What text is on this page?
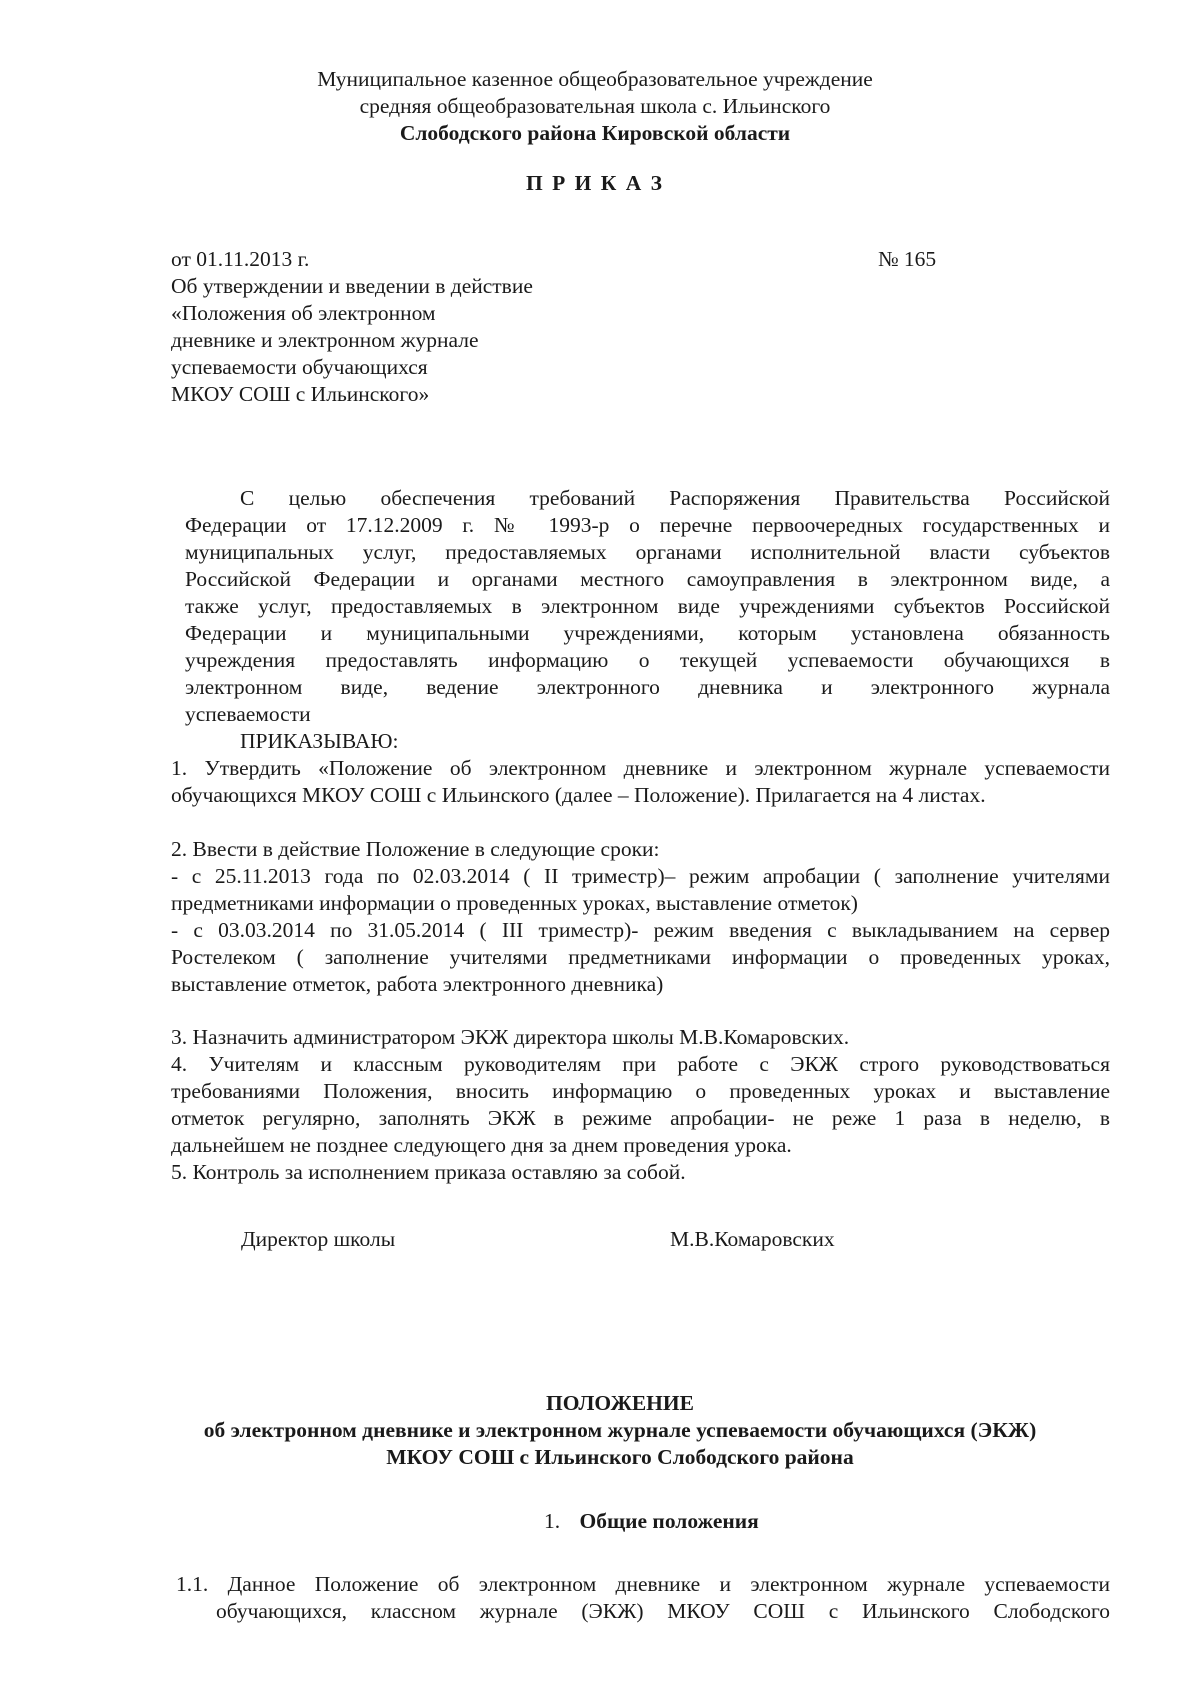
Муниципальное казенное общеобразовательное учреждение
средняя общеобразовательная школа с. Ильинского
Слободского района Кировской области
П Р И К А З
от 01.11.2013 г.	№ 165
Об утверждении и введении в действие
«Положения об электронном
дневнике и электронном журнале
успеваемости обучающихся
МКОУ СОШ с Ильинского»
С целью обеспечения требований Распоряжения Правительства Российской
Федерации от 17.12.2009 г. № 1993-р о перечне первоочередных государственных и
муниципальных услуг, предоставляемых органами исполнительной власти субъектов
Российской Федерации и органами местного самоуправления в электронном виде, а
также услуг, предоставляемых в электронном виде учреждениями субъектов Российской
Федерации и муниципальными учреждениями, которым установлена обязанность
учреждения предоставлять информацию о текущей успеваемости обучающихся в
электронном виде, ведение электронного дневника и электронного журнала
успеваемости
ПРИКАЗЫВАЮ:
1. Утвердить «Положение об электронном дневнике и электронном журнале успеваемости
обучающихся МКОУ СОШ с Ильинского (далее – Положение). Прилагается на 4 листах.
2. Ввести в действие Положение в следующие сроки:
- с 25.11.2013 года по 02.03.2014 ( II триместр)– режим апробации ( заполнение учителями
предметниками информации о проведенных уроках, выставление отметок)
- с 03.03.2014 по 31.05.2014 ( III триместр)- режим введения с выкладыванием на сервер
Ростелеком ( заполнение учителями предметниками информации о проведенных уроках,
выставление отметок, работа электронного дневника)
3. Назначить администратором ЭКЖ директора школы М.В.Комаровских.
4. Учителям и классным руководителям при работе с ЭКЖ строго руководствоваться
требованиями Положения, вносить информацию о проведенных уроках и выставление
отметок регулярно, заполнять ЭКЖ в режиме апробации- не реже 1 раза в неделю, в
дальнейшем не позднее следующего дня за днем проведения урока.
5. Контроль за исполнением приказа оставляю за собой.
Директор школы	М.В.Комаровских
ПОЛОЖЕНИЕ
об электронном дневнике и электронном журнале успеваемости обучающихся (ЭКЖ)
МКОУ СОШ с Ильинского Слободского района
1. Общие положения
1.1. Данное Положение об электронном дневнике и электронном журнале успеваемости
обучающихся, классном журнале (ЭКЖ) МКОУ СОШ с Ильинского Слободского
